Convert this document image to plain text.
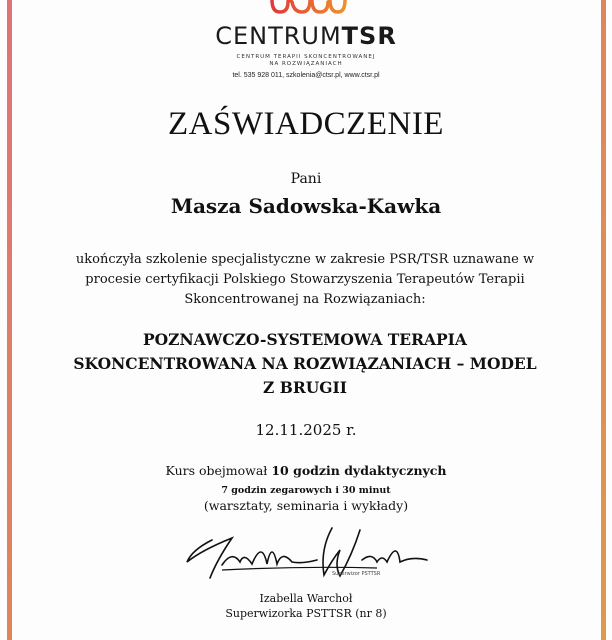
CENTRUMTSR
CENTRUM TERAPII SKONCENTROWANEJ
NA ROZWIĄZANIACH
tel. 535 928 011, szkolenia@ctsr.pl, www.ctsr.pl
ZAŚWIADCZENIE
Pani
Masza Sadowska-Kawka
ukończyła szkolenie specjalistyczne w zakresie PSR/TSR uznawane w procesie certyfikacji Polskiego Stowarzyszenia Terapeutów Terapii Skoncentrowanej na Rozwiązaniach:
POZNAWCZO-SYSTEMOWA TERAPIA SKONCENTROWANA NA ROZWIĄZANIACH – MODEL Z BRUGII
12.11.2025 r.
Kurs obejmował 10 godzin dydaktycznych
7 godzin zegarowych i 30 minut
(warsztaty, seminaria i wykłady)
Superwizor PSTTSR
Izabella Warchoł
Superwizorka PSTTSR (nr 8)
